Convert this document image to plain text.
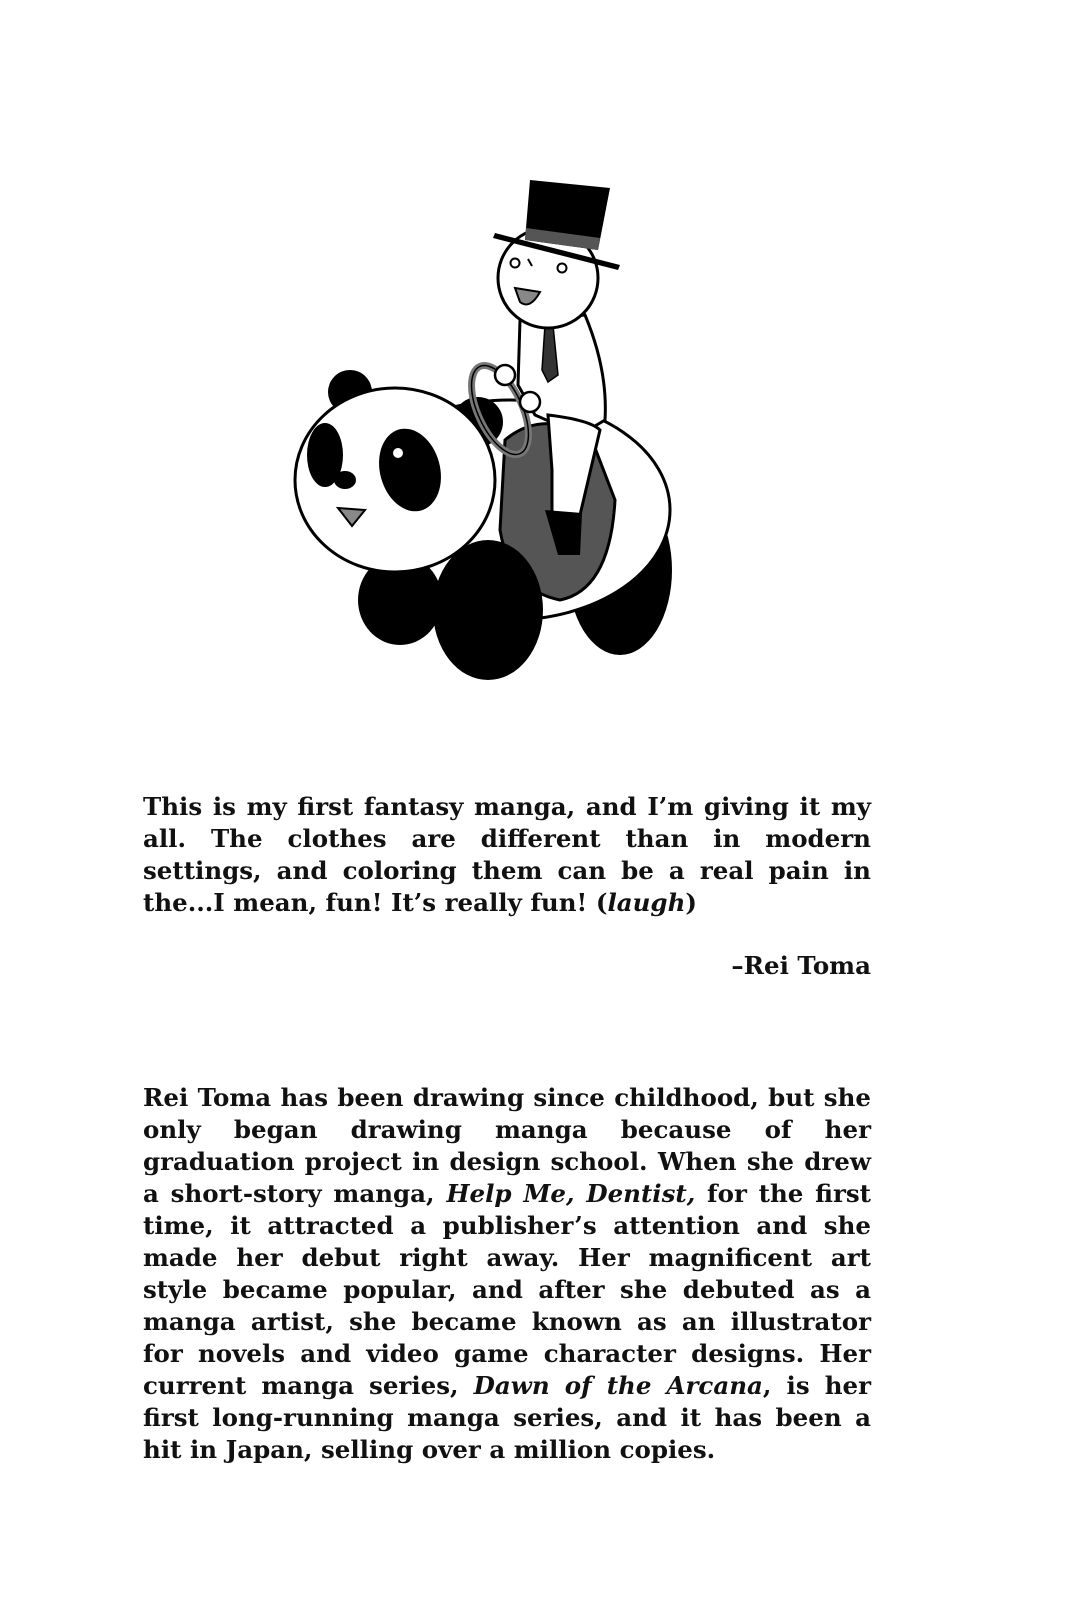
This is my first fantasy manga, and I’m giving it my all. The clothes are different than in modern settings, and coloring them can be a real pain in the...I mean, fun! It’s really fun! (laugh)
–Rei Toma
Rei Toma has been drawing since childhood, but she only began drawing manga because of her graduation project in design school. When she drew a short-story manga, Help Me, Dentist, for the first time, it attracted a publisher’s attention and she made her debut right away. Her magnificent art style became popular, and after she debuted as a manga artist, she became known as an illustrator for novels and video game character designs. Her current manga series, Dawn of the Arcana, is her first long-running manga series, and it has been a hit in Japan, selling over a million copies.
